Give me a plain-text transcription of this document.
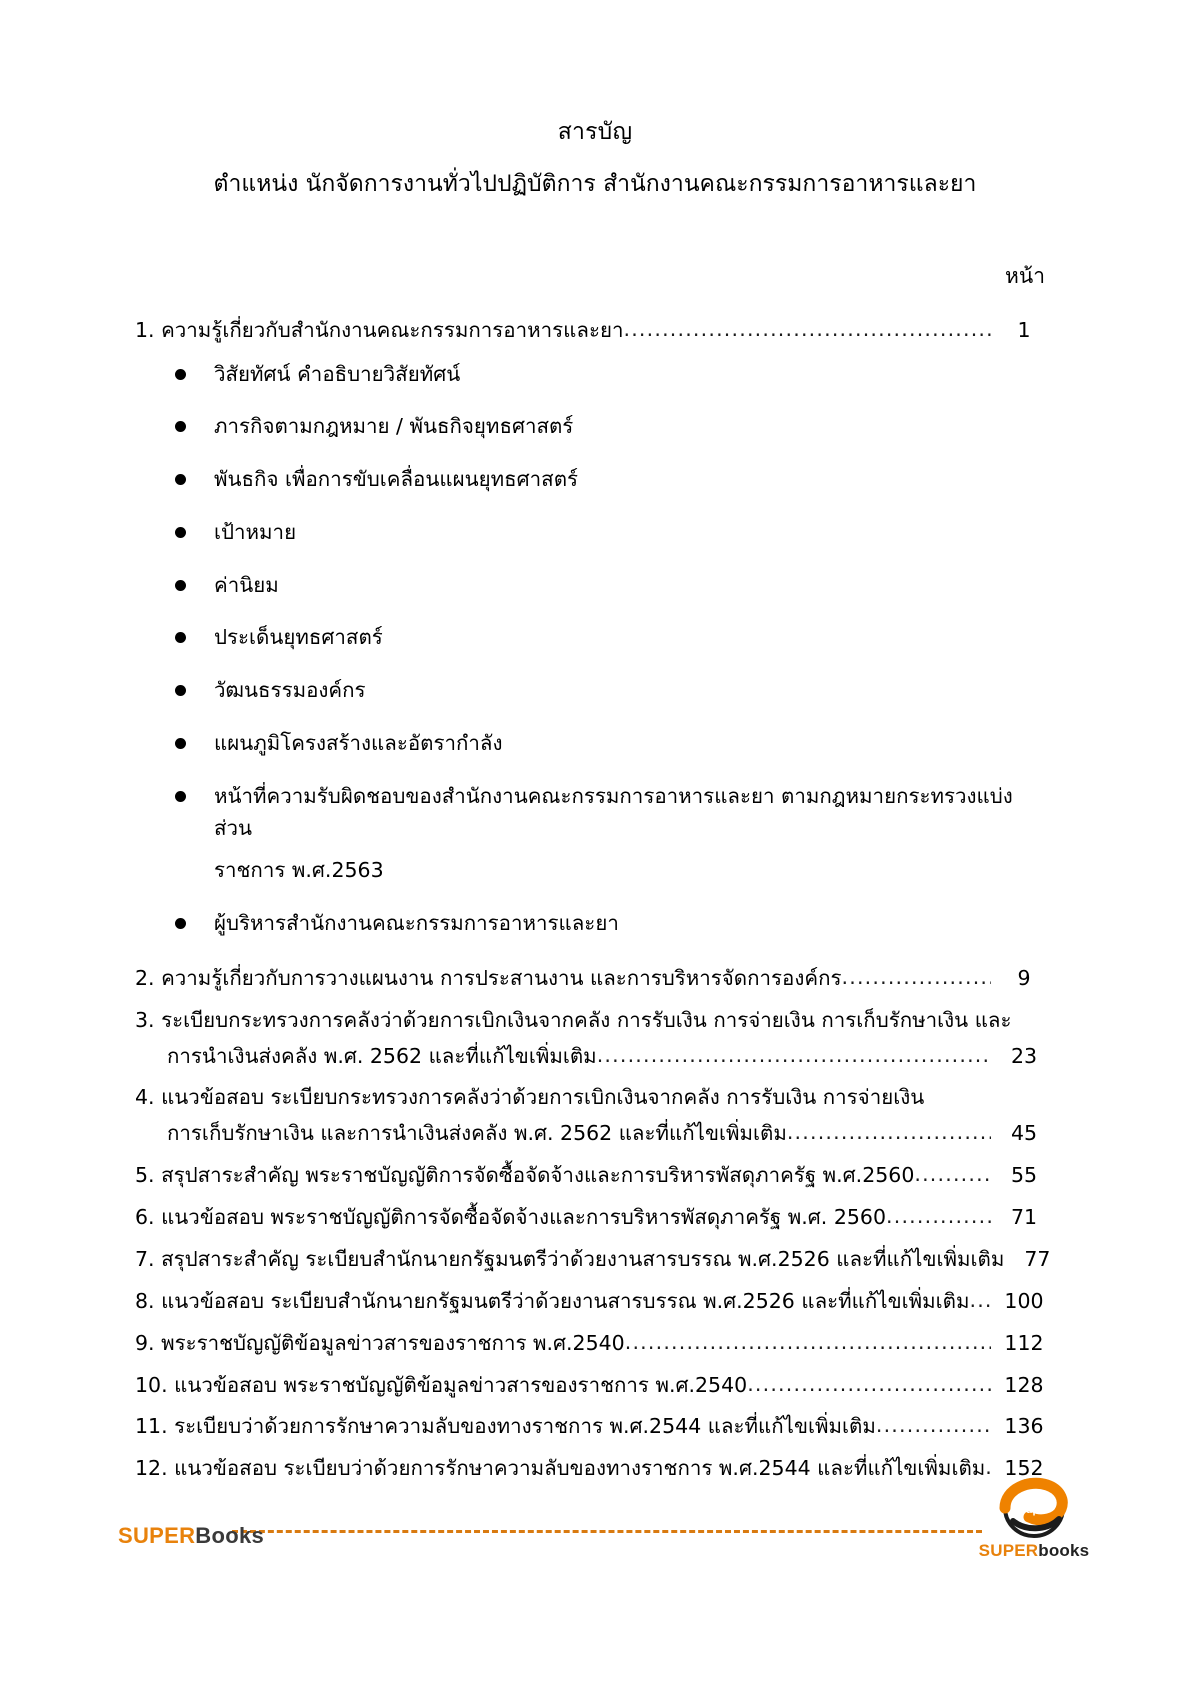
สารบัญ
ตำแหน่ง นักจัดการงานทั่วไปปฏิบัติการ สำนักงานคณะกรรมการอาหารและยา
หน้า
1. ความรู้เกี่ยวกับสำนักงานคณะกรรมการอาหารและยา .....	1
วิสัยทัศน์ คำอธิบายวิสัยทัศน์
ภารกิจตามกฎหมาย / พันธกิจยุทธศาสตร์
พันธกิจ เพื่อการขับเคลื่อนแผนยุทธศาสตร์
เป้าหมาย
ค่านิยม
ประเด็นยุทธศาสตร์
วัฒนธรรมองค์กร
แผนภูมิโครงสร้างและอัตรากำลัง
หน้าที่ความรับผิดชอบของสำนักงานคณะกรรมการอาหารและยา ตามกฎหมายกระทรวงแบ่งส่วน
ราชการ พ.ศ.2563
ผู้บริหารสำนักงานคณะกรรมการอาหารและยา
2. ความรู้เกี่ยวกับการวางแผนงาน การประสานงาน และการบริหารจัดการองค์กร .....	9
3. ระเบียบกระทรวงการคลังว่าด้วยการเบิกเงินจากคลัง การรับเงิน การจ่ายเงิน การเก็บรักษาเงิน และ
การนำเงินส่งคลัง พ.ศ. 2562 และที่แก้ไขเพิ่มเติม .....	23
4. แนวข้อสอบ ระเบียบกระทรวงการคลังว่าด้วยการเบิกเงินจากคลัง การรับเงิน การจ่ายเงิน
การเก็บรักษาเงิน และการนำเงินส่งคลัง พ.ศ. 2562 และที่แก้ไขเพิ่มเติม .....	45
5. สรุปสาระสำคัญ พระราชบัญญัติการจัดซื้อจัดจ้างและการบริหารพัสดุภาครัฐ พ.ศ.2560 .....	55
6. แนวข้อสอบ พระราชบัญญัติการจัดซื้อจัดจ้างและการบริหารพัสดุภาครัฐ พ.ศ. 2560 .....	71
7. สรุปสาระสำคัญ ระเบียบสำนักนายกรัฐมนตรีว่าด้วยงานสารบรรณ พ.ศ.2526 และที่แก้ไขเพิ่มเติม 77
8. แนวข้อสอบ ระเบียบสำนักนายกรัฐมนตรีว่าด้วยงานสารบรรณ พ.ศ.2526 และที่แก้ไขเพิ่มเติม .....	100
9. พระราชบัญญัติข้อมูลข่าวสารของราชการ พ.ศ.2540 .....	112
10. แนวข้อสอบ พระราชบัญญัติข้อมูลข่าวสารของราชการ พ.ศ.2540 .....	128
11. ระเบียบว่าด้วยการรักษาความลับของทางราชการ พ.ศ.2544 และที่แก้ไขเพิ่มเติม .....	136
12. แนวข้อสอบ ระเบียบว่าด้วยการรักษาความลับของทางราชการ พ.ศ.2544 และที่แก้ไขเพิ่มเติม ..... 152
SUPERBooks
Super
SUPERbooks
